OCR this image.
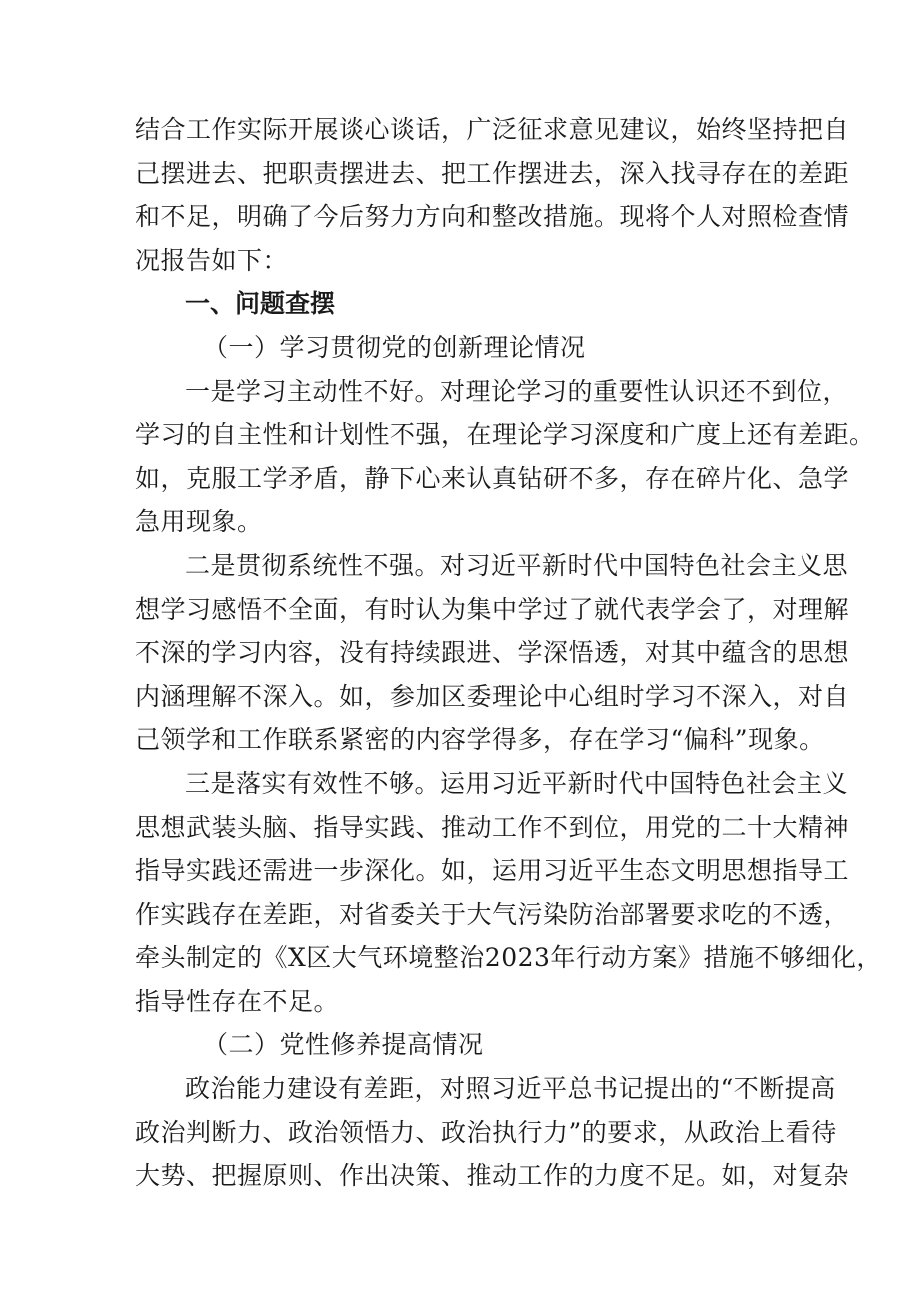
结合工作实际开展谈心谈话，广泛征求意见建议，始终坚持把自
己摆进去、把职责摆进去、把工作摆进去，深入找寻存在的差距
和不足，明确了今后努力方向和整改措施。现将个人对照检查情
况报告如下：
一、问题查摆
（一）学习贯彻党的创新理论情况
一是学习主动性不好。对理论学习的重要性认识还不到位，
学习的自主性和计划性不强，在理论学习深度和广度上还有差距。
如，克服工学矛盾，静下心来认真钻研不多，存在碎片化、急学
急用现象。
二是贯彻系统性不强。对习近平新时代中国特色社会主义思
想学习感悟不全面，有时认为集中学过了就代表学会了，对理解
不深的学习内容，没有持续跟进、学深悟透，对其中蕴含的思想
内涵理解不深入。如，参加区委理论中心组时学习不深入，对自
己领学和工作联系紧密的内容学得多，存在学习“偏科”现象。
三是落实有效性不够。运用习近平新时代中国特色社会主义
思想武装头脑、指导实践、推动工作不到位，用党的二十大精神
指导实践还需进一步深化。如，运用习近平生态文明思想指导工
作实践存在差距，对省委关于大气污染防治部署要求吃的不透，
牵头制定的《X区大气环境整治2023年行动方案》措施不够细化，
指导性存在不足。
（二）党性修养提高情况
政治能力建设有差距，对照习近平总书记提出的“不断提高
政治判断力、政治领悟力、政治执行力”的要求，从政治上看待
大势、把握原则、作出决策、推动工作的力度不足。如，对复杂
